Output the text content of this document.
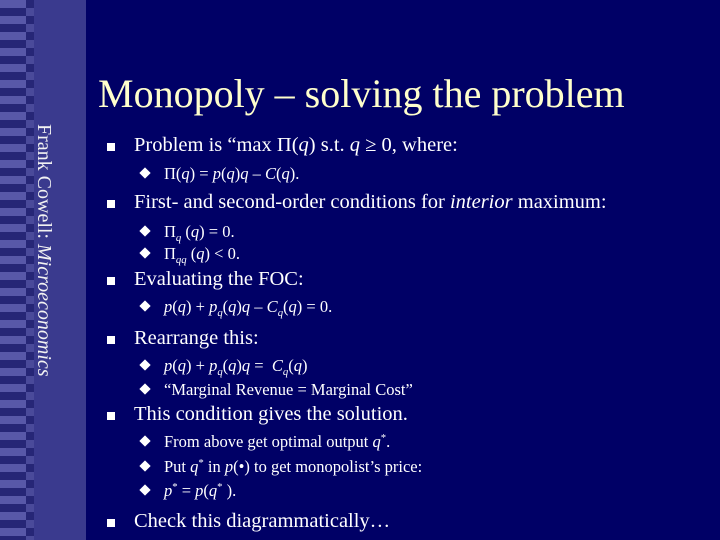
Frank Cowell: Microeconomics
Monopoly – solving the problem
Problem is “max Π(q) s.t. q ≥ 0, where:
Π(q) = p(q)q – C(q).
First- and second-order conditions for interior maximum:
$\Pi_q$ (q) = 0.
$\Pi_{qq}$ (q) < 0.
Evaluating the FOC:
$p(q) + p_q(q)q - C_q(q) = 0$.
Rearrange this:
$p(q) + p_q(q)q = C_q(q)$
“Marginal Revenue = Marginal Cost”
This condition gives the solution.
From above get optimal output q*.
Put q* in p(•) to get monopolist’s price:
p* = p(q* ).
Check this diagrammatically…
